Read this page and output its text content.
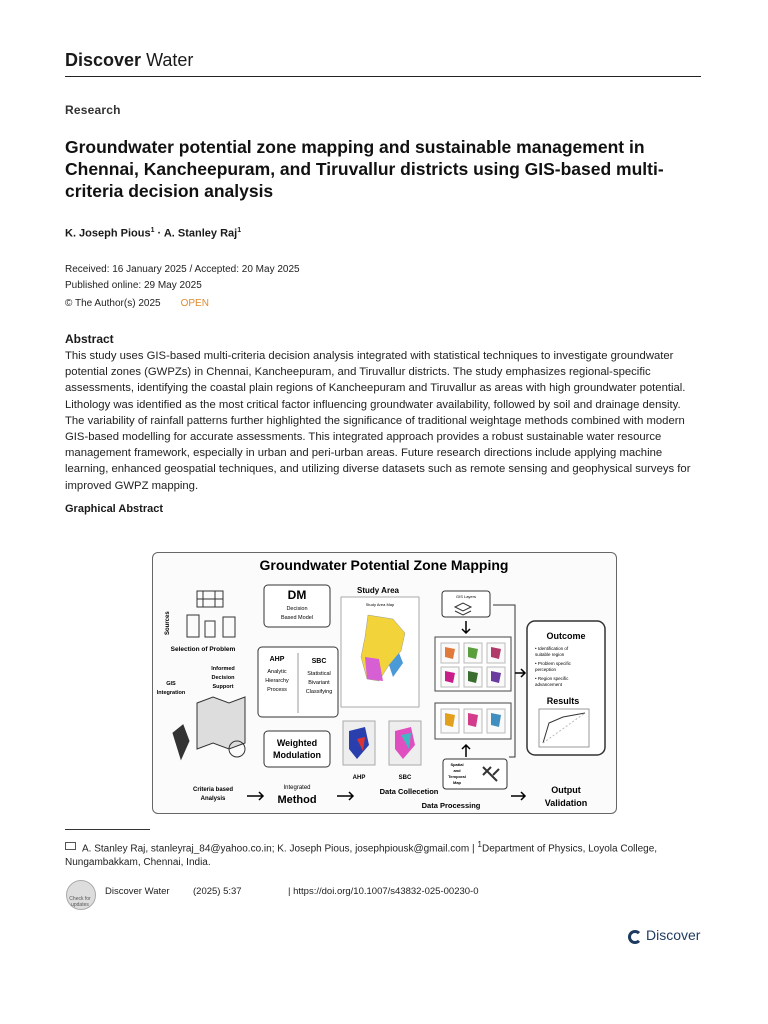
Discover Water
Research
Groundwater potential zone mapping and sustainable management in Chennai, Kancheepuram, and Tiruvallur districts using GIS-based multi-criteria decision analysis
K. Joseph Pious$^1$ · A. Stanley Raj$^1$
Received: 16 January 2025 / Accepted: 20 May 2025
Published online: 29 May 2025
© The Author(s) 2025 OPEN
Abstract
This study uses GIS-based multi-criteria decision analysis integrated with statistical techniques to investigate groundwater potential zones (GWPZs) in Chennai, Kancheepuram, and Tiruvallur districts. The study emphasizes regional-specific assessments, identifying the coastal plain regions of Kancheepuram and Tiruvallur as areas with high groundwater potential. Lithology was identified as the most critical factor influencing groundwater availability, followed by soil and drainage density. The variability of rainfall patterns further highlighted the significance of traditional weightage methods combined with modern GIS-based modelling for accurate assessments. This integrated approach provides a robust sustainable water resource management framework, especially in urban and peri-urban areas. Future research directions include applying machine learning, enhanced geospatial techniques, and utilizing diverse datasets such as remote sensing and geophysical surveys for improved GWPZ mapping.
Graphical Abstract
Groundwater Potential Zone Mapping
Sources
Selection of Problem
Informed
Decision
Support
GIS
Integration
Criteria based
Analysis
DM
Decision
Based Model
AHP
Analytic
Hierarchy
Process
SBC
Statistical
Bivariant
Classifying
Weighted
Modulation
Integrated
Method
Study Area
Study Area Map
AHP	SBC
Data Collecetion
Data Processing
GIS Layers
Spatial
and
Temporal
Map
Outcome
• Identification of
suitable region
• Problem specific
perception
• Region specific
advancement
Results
Output
Validation
A. Stanley Raj, stanleyraj_84@yahoo.co.in; K. Joseph Pious, josephpiousk@gmail.com | $^1$Department of Physics, Loyola College, Nungambakkam, Chennai, India.
Check for updates
Discover Water (2025) 5:37	| https://doi.org/10.1007/s43832-025-00230-0
Discover
